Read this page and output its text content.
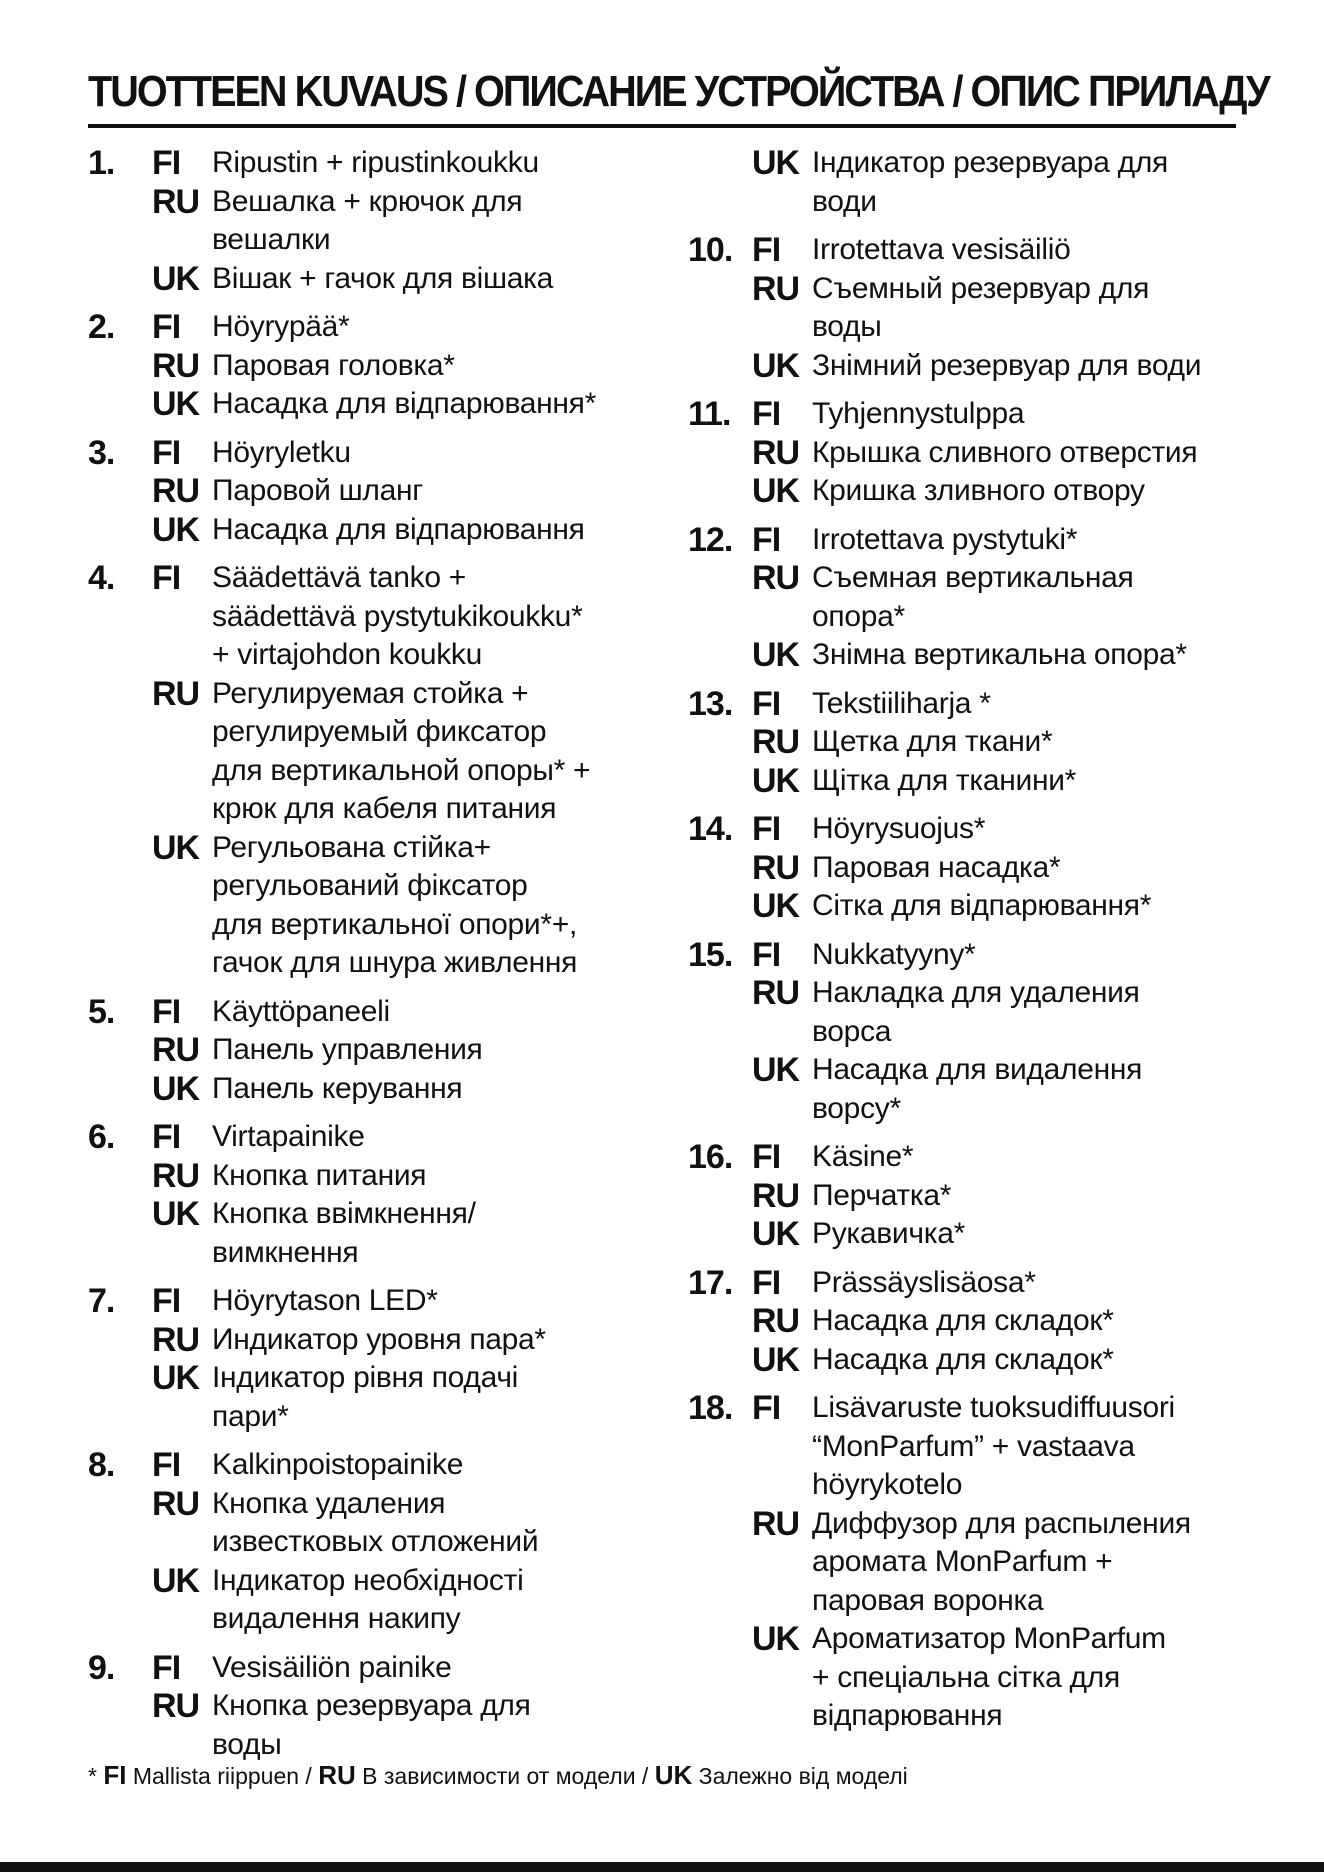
TUOTTEEN KUVAUS / ОПИСАНИЕ УСТРОЙСТВА / ОПИС ПРИЛАДУ
1.	FI	Ripustin + ripustinkoukku
RU Вешалка + крючок для
вешалки
UK Вішак + гачок для вішака
2.	FI	Höyrypää*
RU Паровая головка*
UK Насадка для відпарювання*
3.	FI	Höyryletku
RU Паровой шланг
UK Насадка для відпарювання
4.	FI	Säädettävä tanko +
säädettävä pystytukikoukku*
+ virtajohdon koukku
RU Регулируемая стойка +
регулируемый фиксатор
для вертикальной опоры* +
крюк для кабеля питания
UK Регульована стійка+
регульований фіксатор
для вертикальної опори*+,
гачок для шнура живлення
5.	FI	Käyttöpaneeli
RU Панель управления
UK Панель керування
6.	FI	Virtapainike
RU Кнопка питания
UK Кнопка ввімкнення/
вимкнення
7.	FI	Höyrytason LED*
RU Индикатор уровня пара*
UK Індикатор рівня подачі
пари*
8.	FI	Kalkinpoistopainike
RU Кнопка удаления
известковых отложений
UK Індикатор необхідності
видалення накипу
9.	FI	Vesisäiliön painike
RU Кнопка резервуара для
воды
UK Індикатор резервуара для
води
10. FI	Irrotettava vesisäiliö
RU Съемный резервуар для
воды
UK Знімний резервуар для води
11. FI	Tyhjennystulppa
RU Крышка сливного отверстия
UK Кришка зливного отвору
12. FI	Irrotettava pystytuki*
RU Съемная вертикальная
опора*
UK Знімна вертикальна опора*
13. FI	Tekstiiliharja *
RU Щетка для ткани*
UK Щітка для тканини*
14. FI	Höyrysuojus*
RU Паровая насадка*
UK Сітка для відпарювання*
15. FI	Nukkatyyny*
RU Накладка для удаления
ворса
UK Насадка для видалення
ворсу*
16. FI	Käsine*
RU Перчатка*
UK Рукавичка*
17. FI	Prässäyslisäosa*
RU Насадка для складок*
UK Насадка для складок*
18. FI	Lisävaruste tuoksudiffuusori
“MonParfum” + vastaava
höyrykotelo
RU Диффузор для распыления
аромата MonParfum +
паровая воронка
UK Ароматизатор MonParfum
+ спеціальна сітка для
відпарювання
* FI Mallista riippuen / RU В зависимости от модели / UK Залежно від моделі
